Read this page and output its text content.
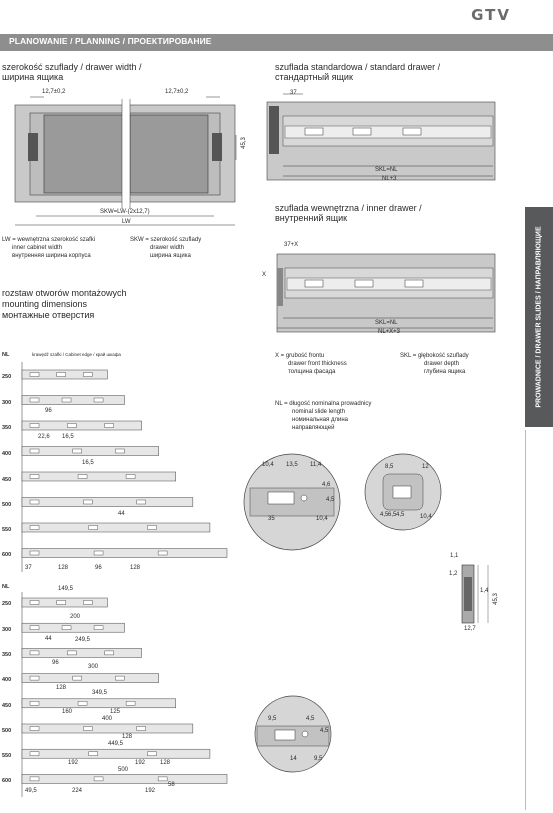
GTV
PLANOWANIE / PLANNING / ПРОЕКТИРОВАНИЕ
PROWADNICE / DRAWER SLIDES / НАПРАВЛЯЮЩИЕ
szerokość szuflady / drawer width /
ширина ящика
12,7±0,2	12,7±0,2
45,3
SKW=LW-(2x12,7)
LW
LW = wewnętrzna szerokość szafki
inner cabinet width
внутренняя ширина корпуса
SKW = szerokość szuflady
drawer width
ширина ящика
szuflada standardowa / standard drawer /
стандартный ящик
37
SKL=NL
NL+3
szuflada wewnętrzna / inner drawer /
внутренний ящик
37+X
X
SKL=NL
NL+X+3
X = grubość frontu
drawer front thickness
толщина фасада
SKL = głębokość szuflady
drawer depth
глубина ящика
NL = długość nominalna prowadnicy
nominal slide length
номинальная длина
направляющей
rozstaw otworów montażowych
mounting dimensions
монтажные отверстия
NL	krawędź szafki / Cabinet edge / край шкафа
250
300
350
400
450
500
550
600
96
22,6 16,5
16,5
44
37	128	96	128
NL
250
300
350
400
450
500
550
600
149,5
200
44	249,5
96
300
128
349,5
160	125
400
128
449,5
192
500
192 128
49,5	224	192
58
10,4 13,5 11,4
4,6
4,5
35	10,4
8,5	12
4,5 6,5 4,5	10,4
1,1
1,2
1,4
45,3
12,7
9,5	4,5
4,5
14	9,5
